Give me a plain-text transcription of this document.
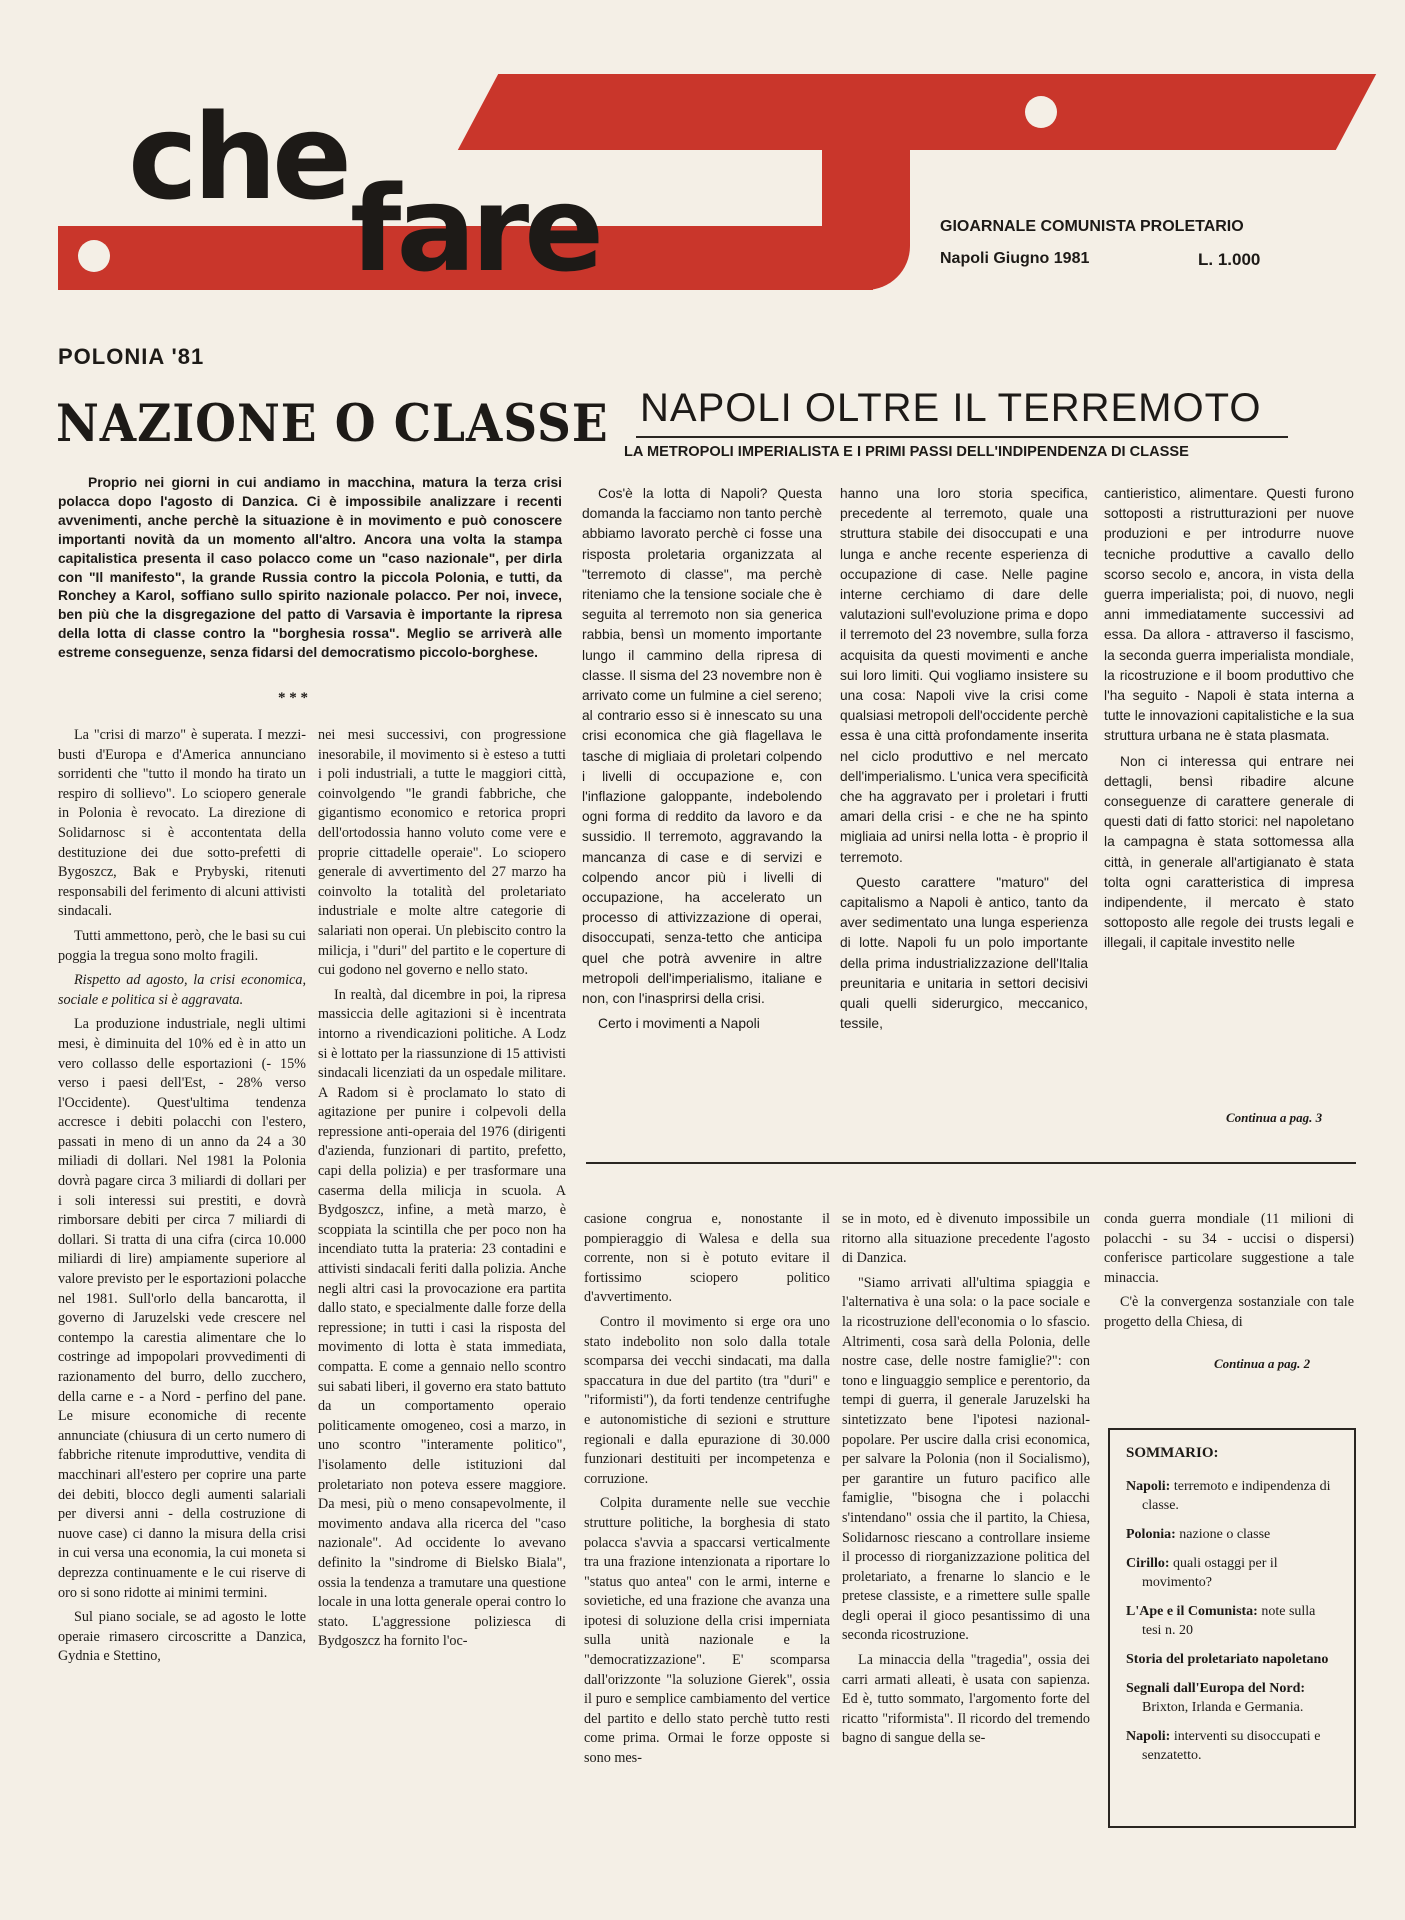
che
fare	GIOARNALE COMUNISTA PROLETARIO
Napoli Giugno 1981	L. 1.000
POLONIA '81
NAZIONE O CLASSE
Proprio nei giorni in cui andiamo in macchina, matura la terza crisi polacca dopo l'agosto di Danzica. Ci è impossibile analizzare i recenti avvenimenti, anche perchè la situazione è in movimento e può conoscere importanti novità da un momento all'altro. Ancora una volta la stampa capitalistica presenta il caso polacco come un "caso nazionale", per dirla con "Il manifesto", la grande Russia contro la piccola Polonia, e tutti, da Ronchey a Karol, soffiano sullo spirito nazionale polacco. Per noi, invece, ben più che la disgregazione del patto di Varsavia è importante la ripresa della lotta di classe contro la "borghesia rossa". Meglio se arriverà alle estreme conseguenze, senza fidarsi del democratismo piccolo-borghese.
* * *

La "crisi di marzo" è superata. I mezzi-busti d'Europa e d'America annunciano sorridenti che "tutto il mondo ha tirato un respiro di sollievo". Lo sciopero generale in Polonia è revocato. La direzione di Solidarnosc si è accontentata della destituzione dei due sotto-prefetti di Bygoszcz, Bak e Prybyski, ritenuti responsabili del ferimento di alcuni attivisti sindacali.

Tutti ammettono, però, che le basi su cui poggia la tregua sono molto fragili.

Rispetto ad agosto, la crisi economica, sociale e politica si è aggravata.

La produzione industriale, negli ultimi mesi, è diminuita del 10% ed è in atto un vero collasso delle esportazioni (- 15% verso i paesi dell'Est, - 28% verso l'Occidente). Quest'ultima tendenza accresce i debiti polacchi con l'estero, passati in meno di un anno da 24 a 30 miliadi di dollari. Nel 1981 la Polonia dovrà pagare circa 3 miliardi di dollari per i soli interessi sui prestiti, e dovrà rimborsare debiti per circa 7 miliardi di dollari. Si tratta di una cifra (circa 10.000 miliardi di lire) ampiamente superiore al valore previsto per le esportazioni polacche nel 1981. Sull'orlo della bancarotta, il governo di Jaruzelski vede crescere nel contempo la carestia alimentare che lo costringe ad impopolari provvedimenti di razionamento del burro, dello zucchero, della carne e - a Nord - perfino del pane. Le misure economiche di recente annunciate (chiusura di un certo numero di fabbriche ritenute improduttive, vendita di macchinari all'estero per coprire una parte dei debiti, blocco degli aumenti salariali per diversi anni - della costruzione di nuove case) ci danno la misura della crisi in cui versa una economia, la cui moneta si deprezza continuamente e le cui riserve di oro si sono ridotte ai minimi termini.

Sul piano sociale, se ad agosto le lotte operaie rimasero circoscritte a Danzica, Gydnia e Stettino,

nei mesi successivi, con progressione inesorabile, il movimento si è esteso a tutti i poli industriali, a tutte le maggiori città, coinvolgendo "le grandi fabbriche, che gigantismo economico e retorica propri dell'ortodossia hanno voluto come vere e proprie cittadelle operaie". Lo sciopero generale di avvertimento del 27 marzo ha coinvolto la totalità del proletariato industriale e molte altre categorie di salariati non operai. Un plebiscito contro la milicja, i "duri" del partito e le coperture di cui godono nel governo e nello stato.

In realtà, dal dicembre in poi, la ripresa massiccia delle agitazioni si è incentrata intorno a rivendicazioni politiche. A Lodz si è lottato per la riassunzione di 15 attivisti sindacali licenziati da un ospedale militare. A Radom si è proclamato lo stato di agitazione per punire i colpevoli della repressione anti-operaia del 1976 (dirigenti d'azienda, funzionari di partito, prefetto, capi della polizia) e per trasformare una caserma della milicja in scuola. A Bydgoszcz, infine, a metà marzo, è scoppiata la scintilla che per poco non ha incendiato tutta la prateria: 23 contadini e attivisti sindacali feriti dalla polizia. Anche negli altri casi la provocazione era partita dallo stato, e specialmente dalle forze della repressione; in tutti i casi la risposta del movimento di lotta è stata immediata, compatta. E come a gennaio nello scontro sui sabati liberi, il governo era stato battuto da un comportamento operaio politicamente omogeneo, cosi a marzo, in uno scontro "interamente politico", l'isolamento delle istituzioni dal proletariato non poteva essere maggiore. Da mesi, più o meno consapevolmente, il movimento andava alla ricerca del "caso nazionale". Ad occidente lo avevano definito la "sindrome di Bielsko Biala", ossia la tendenza a tramutare una questione locale in una lotta generale operai contro lo stato. L'aggressione poliziesca di Bydgoszcz ha fornito l'oc-

NAPOLI OLTRE IL TERREMOTO
LA METROPOLI IMPERIALISTA E I PRIMI PASSI DELL'INDIPENDENZA DI CLASSE

Cos'è la lotta di Napoli? Questa domanda la facciamo non tanto perchè abbiamo lavorato perchè ci fosse una risposta proletaria organizzata al "terremoto di classe", ma perchè riteniamo che la tensione sociale che è seguita al terremoto non sia generica rabbia, bensì un momento importante lungo il cammino della ripresa di classe. Il sisma del 23 novembre non è arrivato come un fulmine a ciel sereno; al contrario esso si è innescato su una crisi economica che già flagellava le tasche di migliaia di proletari colpendo i livelli di occupazione e, con l'inflazione galoppante, indebolendo ogni forma di reddito da lavoro e da sussidio. Il terremoto, aggravando la mancanza di case e di servizi e colpendo ancor più i livelli di occupazione, ha accelerato un processo di attivizzazione di operai, disoccupati, senza-tetto che anticipa quel che potrà avvenire in altre metropoli dell'imperialismo, italiane e non, con l'inasprirsi della crisi.

Certo i movimenti a Napoli

hanno una loro storia specifica, precedente al terremoto, quale una struttura stabile dei disoccupati e una lunga e anche recente esperienza di occupazione di case. Nelle pagine interne cerchiamo di dare delle valutazioni sull'evoluzione prima e dopo il terremoto del 23 novembre, sulla forza acquisita da questi movimenti e anche sui loro limiti. Qui vogliamo insistere su una cosa: Napoli vive la crisi come qualsiasi metropoli dell'occidente perchè essa è una città profondamente inserita nel ciclo produttivo e nel mercato dell'imperialismo. L'unica vera specificità che ha aggravato per i proletari i frutti amari della crisi - e che ne ha spinto migliaia ad unirsi nella lotta - è proprio il terremoto.

Questo carattere "maturo" del capitalismo a Napoli è antico, tanto da aver sedimentato una lunga esperienza di lotte. Napoli fu un polo importante della prima industrializzazione dell'Italia preunitaria e unitaria in settori decisivi quali quelli siderurgico, meccanico, tessile,

cantieristico, alimentare. Questi furono sottoposti a ristrutturazioni per nuove produzioni e per introdurre nuove tecniche produttive a cavallo dello scorso secolo e, ancora, in vista della guerra imperialista; poi, di nuovo, negli anni immediatamente successivi ad essa. Da allora - attraverso il fascismo, la seconda guerra imperialista mondiale, la ricostruzione e il boom produttivo che l'ha seguito - Napoli è stata interna a tutte le innovazioni capitalistiche e la sua struttura urbana ne è stata plasmata.

Non ci interessa qui entrare nei dettagli, bensì ribadire alcune conseguenze di carattere generale di questi dati di fatto storici: nel napoletano la campagna è stata sottomessa alla città, in generale all'artigianato è stata tolta ogni caratteristica di impresa indipendente, il mercato è stato sottoposto alle regole dei trusts legali e illegali, il capitale investito nelle

Continua a pag. 3

casione congrua e, nonostante il pompieraggio di Walesa e della sua corrente, non si è potuto evitare il fortissimo sciopero politico d'avvertimento.

Contro il movimento si erge ora uno stato indebolito non solo dalla totale scomparsa dei vecchi sindacati, ma dalla spaccatura in due del partito (tra "duri" e "riformisti"), da forti tendenze centrifughe e autonomistiche di sezioni e strutture regionali e dalla epurazione di 30.000 funzionari destituiti per incompetenza e corruzione.

Colpita duramente nelle sue vecchie strutture politiche, la borghesia di stato polacca s'avvia a spaccarsi verticalmente tra una frazione intenzionata a riportare lo "status quo antea" con le armi, interne e sovietiche, ed una frazione che avanza una ipotesi di soluzione della crisi imperniata sulla unità nazionale e la "democratizzazione". E' scomparsa dall'orizzonte "la soluzione Gierek", ossia il puro e semplice cambiamento del vertice del partito e dello stato perchè tutto resti come prima. Ormai le forze opposte si sono mes-

se in moto, ed è divenuto impossibile un ritorno alla situazione precedente l'agosto di Danzica.

"Siamo arrivati all'ultima spiaggia e l'alternativa è una sola: o la pace sociale e la ricostruzione dell'economia o lo sfascio. Altrimenti, cosa sarà della Polonia, delle nostre case, delle nostre famiglie?": con tono e linguaggio semplice e perentorio, da tempi di guerra, il generale Jaruzelski ha sintetizzato bene l'ipotesi nazional-popolare. Per uscire dalla crisi economica, per salvare la Polonia (non il Socialismo), per garantire un futuro pacifico alle famiglie, "bisogna che i polacchi s'intendano" ossia che il partito, la Chiesa, Solidarnosc riescano a controllare insieme il processo di riorganizzazione politica del proletariato, a frenarne lo slancio e le pretese classiste, e a rimettere sulle spalle degli operai il gioco pesantissimo di una seconda ricostruzione.

La minaccia della "tragedia", ossia dei carri armati alleati, è usata con sapienza. Ed è, tutto sommato, l'argomento forte del ricatto "riformista". Il ricordo del tremendo bagno di sangue della se-

conda guerra mondiale (11 milioni di polacchi - su 34 - uccisi o dispersi) conferisce particolare suggestione a tale minaccia.

C'è la convergenza sostanziale con tale progetto della Chiesa, di

Continua a pag. 2
SOMMARIO:
Napoli: terremoto e indipendenza di classe.
Polonia: nazione o classe
Cirillo: quali ostaggi per il movimento?
L'Ape e il Comunista: note sulla tesi n. 20
Storia del proletariato napoletano
Segnali dall'Europa del Nord: Brixton, Irlanda e Germania.
Napoli: interventi su disoccupati e senzatetto.
